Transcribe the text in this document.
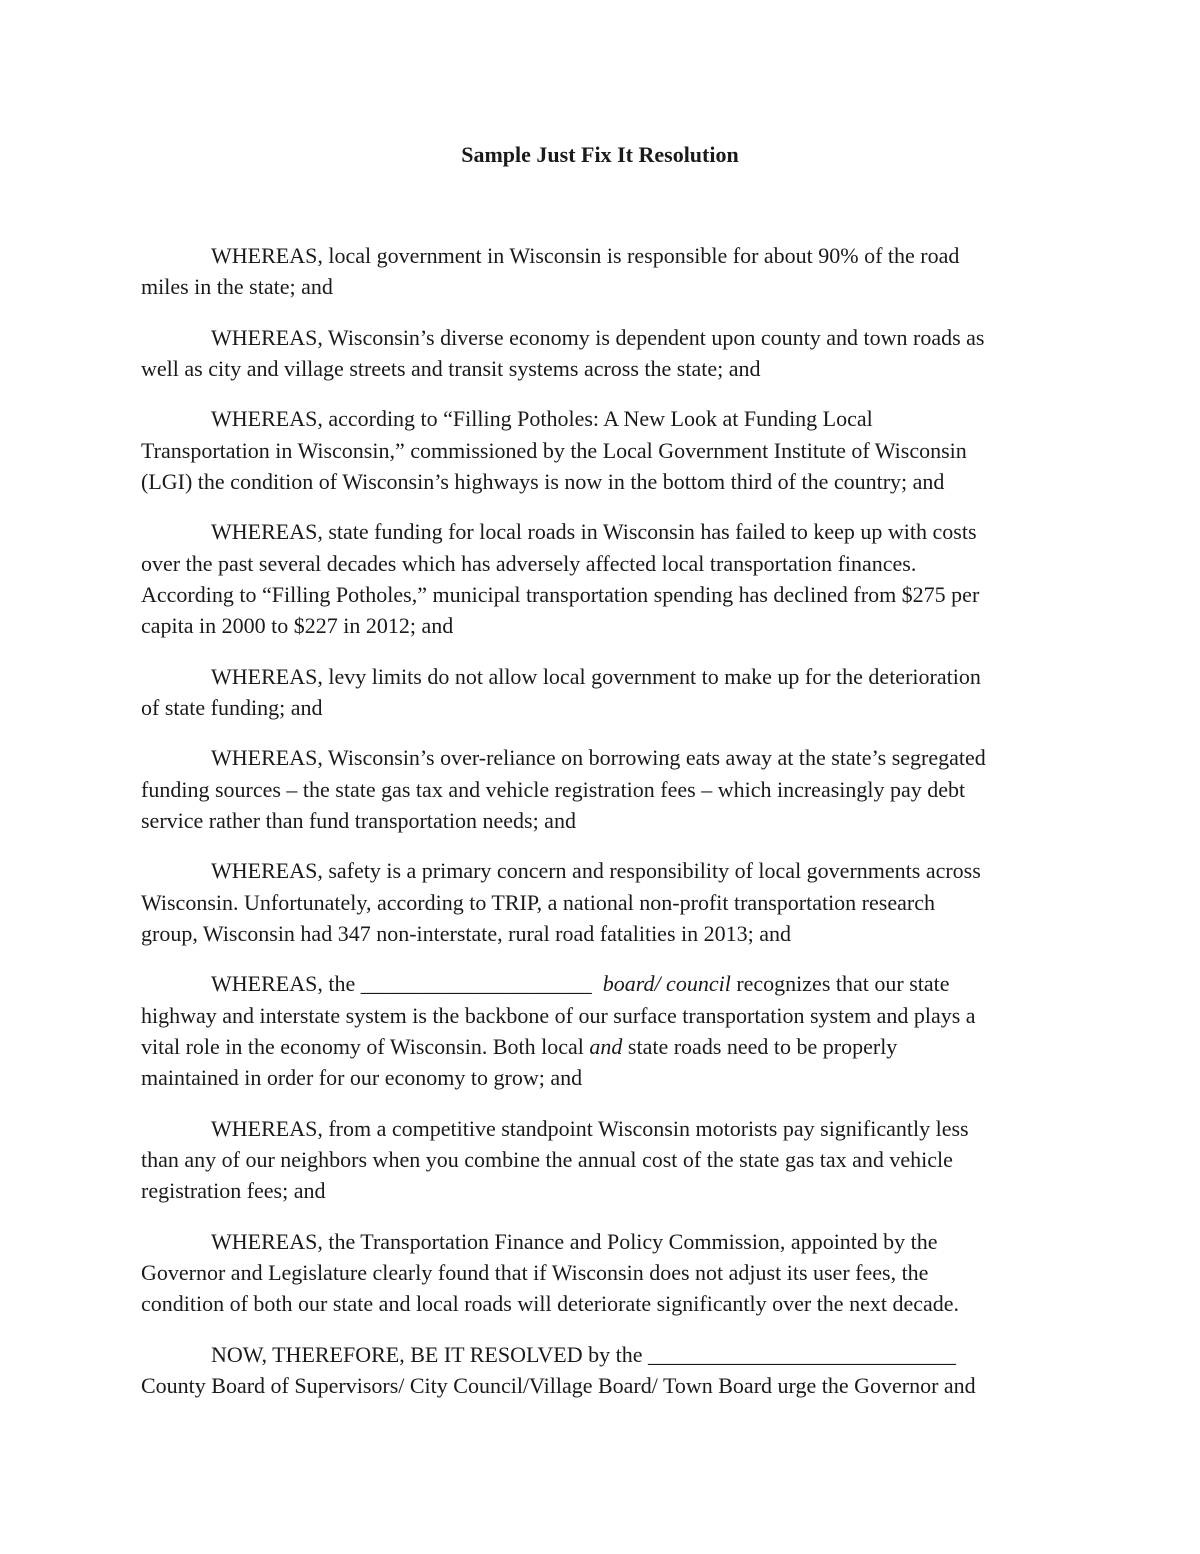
Sample Just Fix It Resolution

WHEREAS, local government in Wisconsin is responsible for about 90% of the road
miles in the state; and

WHEREAS, Wisconsin’s diverse economy is dependent upon county and town roads as
well as city and village streets and transit systems across the state; and

WHEREAS, according to “Filling Potholes: A New Look at Funding Local
Transportation in Wisconsin,” commissioned by the Local Government Institute of Wisconsin
(LGI) the condition of Wisconsin’s highways is now in the bottom third of the country; and

WHEREAS, state funding for local roads in Wisconsin has failed to keep up with costs
over the past several decades which has adversely affected local transportation finances.
According to “Filling Potholes,” municipal transportation spending has declined from $275 per
capita in 2000 to $227 in 2012; and

WHEREAS, levy limits do not allow local government to make up for the deterioration
of state funding; and

WHEREAS, Wisconsin’s over-reliance on borrowing eats away at the state’s segregated
funding sources – the state gas tax and vehicle registration fees – which increasingly pay debt
service rather than fund transportation needs; and

WHEREAS, safety is a primary concern and responsibility of local governments across
Wisconsin. Unfortunately, according to TRIP, a national non-profit transportation research
group, Wisconsin had 347 non-interstate, rural road fatalities in 2013; and

WHEREAS, the _____________________ board/ council recognizes that our state
highway and interstate system is the backbone of our surface transportation system and plays a
vital role in the economy of Wisconsin. Both local and state roads need to be properly
maintained in order for our economy to grow; and

WHEREAS, from a competitive standpoint Wisconsin motorists pay significantly less
than any of our neighbors when you combine the annual cost of the state gas tax and vehicle
registration fees; and

WHEREAS, the Transportation Finance and Policy Commission, appointed by the
Governor and Legislature clearly found that if Wisconsin does not adjust its user fees, the
condition of both our state and local roads will deteriorate significantly over the next decade.

NOW, THEREFORE, BE IT RESOLVED by the ____________________________
County Board of Supervisors/ City Council/Village Board/ Town Board urge the Governor and
